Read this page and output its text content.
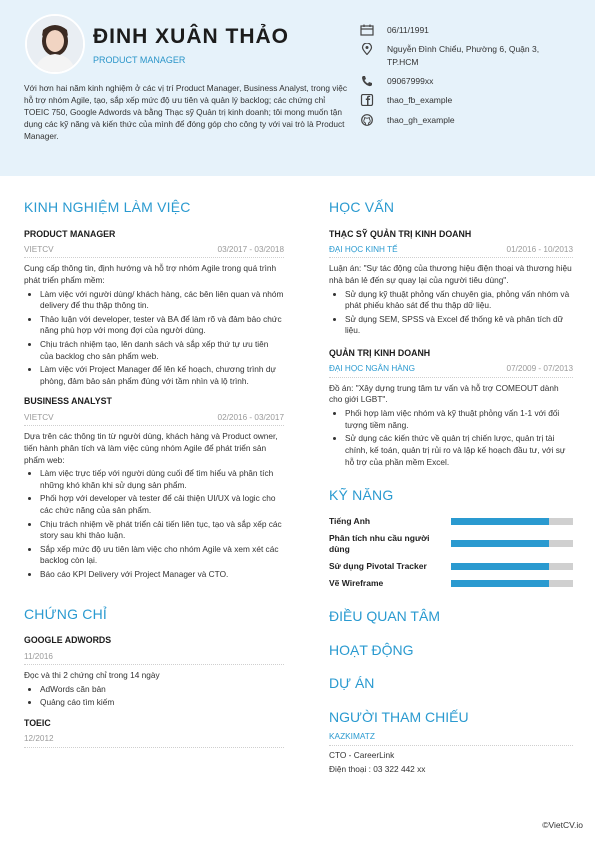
ĐINH XUÂN THẢO
PRODUCT MANAGER
Với hơn hai năm kinh nghiệm ở các vị trí Product Manager, Business Analyst, trong việc hỗ trợ nhóm Agile, tạo, sắp xếp mức độ ưu tiên và quản lý backlog; các chứng chỉ TOEIC 750, Google Adwords và bằng Thạc sỹ Quản trị kinh doanh; tôi mong muốn tận dụng các kỹ năng và kiến thức của mình để đóng góp cho công ty với vai trò là Product Manager.
06/11/1991
Nguyễn Đình Chiểu, Phường 6, Quận 3, TP.HCM
09067999xx
thao_fb_example
thao_gh_example
KINH NGHIỆM LÀM VIỆC
PRODUCT MANAGER
VIETCV	03/2017 - 03/2018
Cung cấp thông tin, định hướng và hỗ trợ nhóm Agile trong quá trình phát triển phẩm mềm:
• Làm việc với người dùng/ khách hàng, các bên liên quan và nhóm delivery để thu thập thông tin.
• Thảo luận với developer, tester và BA để làm rõ và đảm bảo chức năng phù hợp với mong đợi của người dùng.
• Chịu trách nhiệm tạo, lên danh sách và sắp xếp thứ tự ưu tiên của backlog cho sản phẩm web.
• Làm việc với Project Manager để lên kế hoạch, chương trình dự phòng, đảm bảo sản phẩm đúng với tầm nhìn và lộ trình.
BUSINESS ANALYST
VIETCV	02/2016 - 03/2017
Dựa trên các thông tin từ người dùng, khách hàng và Product owner, tiến hành phân tích và làm việc cùng nhóm Agile để phát triển sản phẩm web:
• Làm việc trực tiếp với người dùng cuối để tìm hiểu và phân tích những khó khăn khi sử dụng sản phẩm.
• Phối hợp với developer và tester để cải thiện UI/UX và logic cho các chức năng của sản phẩm.
• Chịu trách nhiệm về phát triển cải tiến liên tục, tạo và sắp xếp các story sau khi thảo luận.
• Sắp xếp mức độ ưu tiên làm việc cho nhóm Agile và xem xét các backlog còn lại.
• Báo cáo KPI Delivery với Project Manager và CTO.
CHỨNG CHỈ
GOOGLE ADWORDS
11/2016
Đọc và thi 2 chứng chỉ trong 14 ngày
• AdWords căn bản
• Quảng cáo tìm kiếm
TOEIC
12/2012
HỌC VẤN
THẠC SỸ QUẢN TRỊ KINH DOANH
ĐẠI HỌC KINH TẾ	01/2016 - 10/2013
Luận án: "Sự tác động của thương hiệu điện thoại và thương hiệu nhà bán lẻ đến sự quay lại của người tiêu dùng".
• Sử dụng kỹ thuật phỏng vấn chuyên gia, phỏng vấn nhóm và phát phiếu khảo sát để thu thập dữ liệu.
• Sử dụng SEM, SPSS và Excel để thống kê và phân tích dữ liệu.
QUẢN TRỊ KINH DOANH
ĐẠI HỌC NGÂN HÀNG	07/2009 - 07/2013
Đồ án: "Xây dựng trung tâm tư vấn và hỗ trợ COMEOUT dành cho giới LGBT".
• Phối hợp làm việc nhóm và kỹ thuật phỏng vấn 1-1 với đối tượng tiềm năng.
• Sử dụng các kiến thức về quản trị chiến lược, quản trị tài chính, kế toán, quản trị rủi ro và lập kế hoạch đầu tư, với sự hỗ trợ của phần mềm Excel.
KỸ NĂNG
Tiếng Anh
Phân tích nhu cầu người dùng
Sử dụng Pivotal Tracker
Vẽ Wireframe
ĐIỀU QUAN TÂM
HOẠT ĐỘNG
DỰ ÁN
NGƯỜI THAM CHIẾU
KAZKIMATZ
CTO - CareerLink
Điện thoại : 03 322 442 xx
©VietCV.io
